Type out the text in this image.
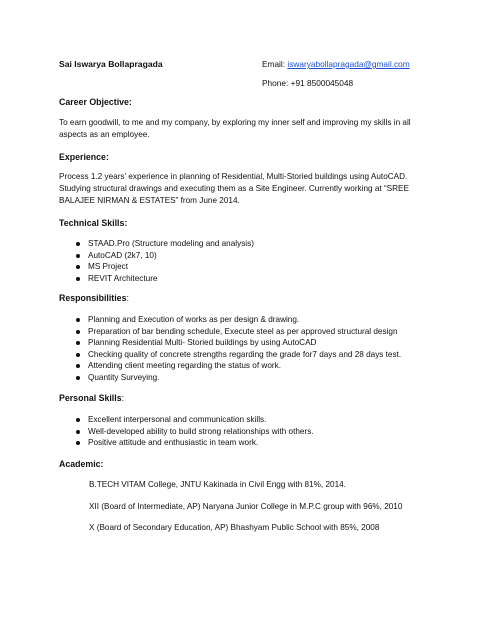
Sai Iswarya Bollapragada	Email: iswaryabollapragada@gmail.com
Phone: +91 8500045048
Career Objective:
To earn goodwill, to me and my company, by exploring my inner self and improving my skills in all aspects as an employee.
Experience:
Process 1.2 years’ experience in planning of Residential, Multi-Storied buildings using AutoCAD. Studying structural drawings and executing them as a Site Engineer. Currently working at “SREE BALAJEE NIRMAN & ESTATES” from June 2014.
Technical Skills:
STAAD.Pro (Structure modeling and analysis)
AutoCAD (2k7, 10)
MS Project
REVIT Architecture
Responsibilities:
Planning and Execution of works as per design & drawing.
Preparation of bar bending schedule, Execute steel as per approved structural design
Planning Residential Multi- Storied buildings by using AutoCAD
Checking quality of concrete strengths regarding the grade for7 days and 28 days test.
Attending client meeting regarding the status of work.
Quantity Surveying.
Personal Skills:
Excellent interpersonal and communication skills.
Well-developed ability to build strong relationships with others.
Positive attitude and enthusiastic in team work.
Academic:
B.TECH VITAM College, JNTU Kakinada in Civil Engg with 81%, 2014.
XII (Board of Intermediate, AP) Naryana Junior College in M.P.C group with 96%, 2010
X (Board of Secondary Education, AP) Bhashyam Public School with 85%, 2008
